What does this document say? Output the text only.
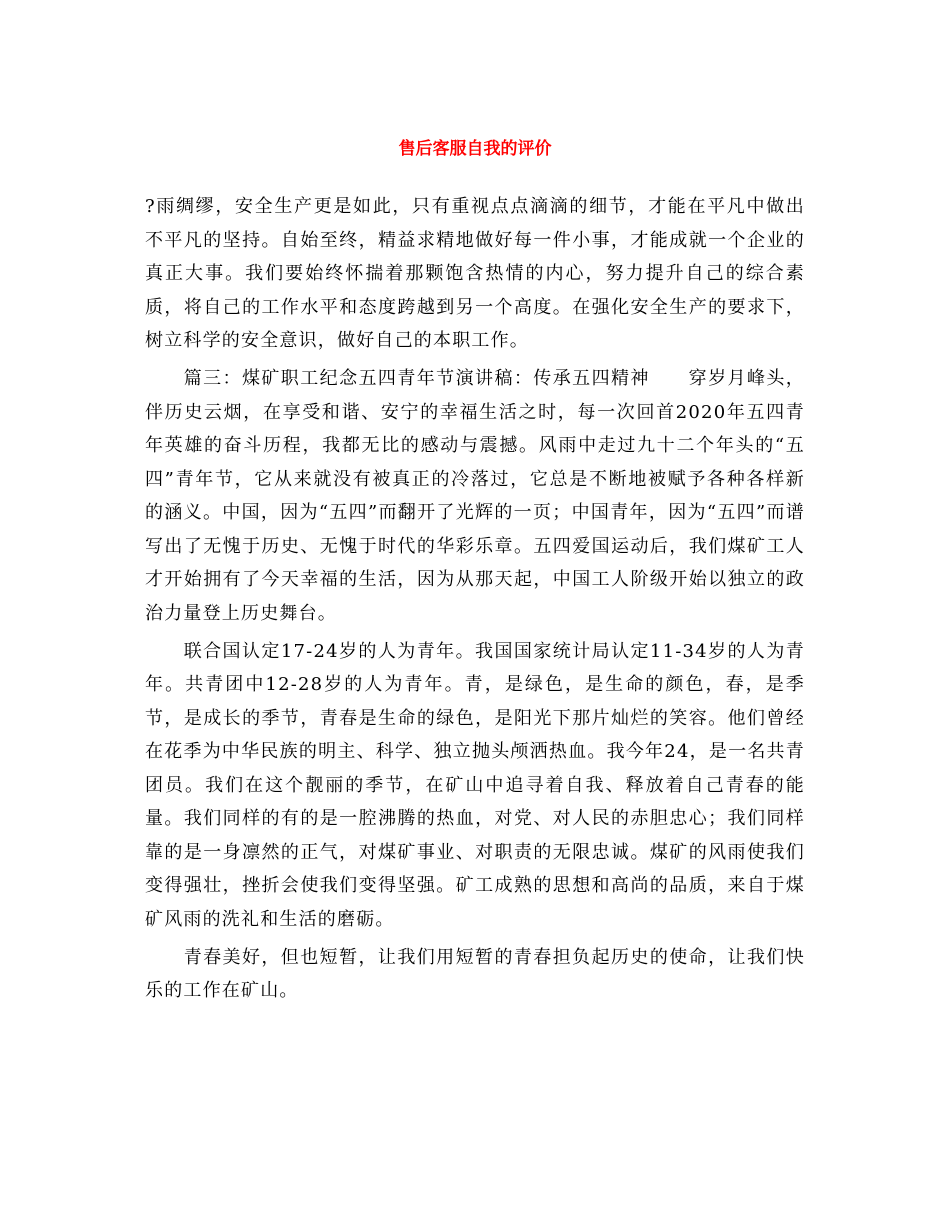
售后客服自我的评价

?雨绸缪，安全生产更是如此，只有重视点点滴滴的细节，才能在平凡中做出不平凡的坚持。自始至终，精益求精地做好每一件小事，才能成就一个企业的真正大事。我们要始终怀揣着那颗饱含热情的内心，努力提升自己的综合素质，将自己的工作水平和态度跨越到另一个高度。在强化安全生产的要求下，树立科学的安全意识，做好自己的本职工作。

篇三：煤矿职工纪念五四青年节演讲稿：传承五四精神　　穿岁月峰头，伴历史云烟，在享受和谐、安宁的幸福生活之时，每一次回首2020年五四青年英雄的奋斗历程，我都无比的感动与震撼。风雨中走过九十二个年头的“五四”青年节，它从来就没有被真正的冷落过，它总是不断地被赋予各种各样新的涵义。中国，因为“五四”而翻开了光辉的一页；中国青年，因为“五四”而谱写出了无愧于历史、无愧于时代的华彩乐章。五四爱国运动后，我们煤矿工人才开始拥有了今天幸福的生活，因为从那天起，中国工人阶级开始以独立的政治力量登上历史舞台。

联合国认定17-24岁的人为青年。我国国家统计局认定11-34岁的人为青年。共青团中12-28岁的人为青年。青，是绿色，是生命的颜色，春，是季节，是成长的季节，青春是生命的绿色，是阳光下那片灿烂的笑容。他们曾经在花季为中华民族的明主、科学、独立抛头颅洒热血。我今年24，是一名共青团员。我们在这个靓丽的季节，在矿山中追寻着自我、释放着自己青春的能量。我们同样的有的是一腔沸腾的热血，对党、对人民的赤胆忠心；我们同样靠的是一身凛然的正气，对煤矿事业、对职责的无限忠诚。煤矿的风雨使我们变得强壮，挫折会使我们变得坚强。矿工成熟的思想和高尚的品质，来自于煤矿风雨的洗礼和生活的磨砺。

青春美好，但也短暂，让我们用短暂的青春担负起历史的使命，让我们快乐的工作在矿山。
